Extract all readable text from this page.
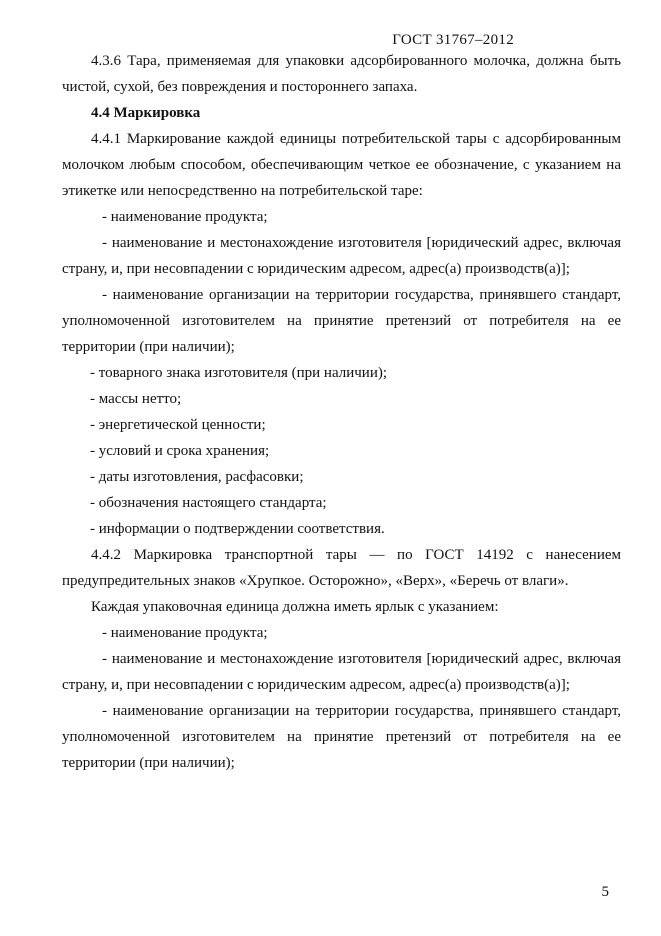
ГОСТ 31767–2012

4.3.6 Тара, применяемая для упаковки адсорбированного молочка, должна быть чистой, сухой, без повреждения и постороннего запаха.

4.4 Маркировка

4.4.1 Маркирование каждой единицы потребительской тары с адсорбированным молочком любым способом, обеспечивающим четкое ее обозначение, с указанием на этикетке или непосредственно на потребительской таре:

- наименование продукта;

- наименование и местонахождение изготовителя [юридический адрес, включая страну, и, при несовпадении с юридическим адресом, адрес(а) производств(а)];

- наименование организации на территории государства, принявшего стандарт, уполномоченной изготовителем на принятие претензий от потребителя на ее территории (при наличии);

- товарного знака изготовителя (при наличии);

- массы нетто;

- энергетической ценности;

- условий и срока хранения;

- даты изготовления, расфасовки;

- обозначения настоящего стандарта;

- информации о подтверждении соответствия.

4.4.2 Маркировка транспортной тары — по ГОСТ 14192 с нанесением предупредительных знаков «Хрупкое. Осторожно», «Верх», «Беречь от влаги».

Каждая упаковочная единица должна иметь ярлык с указанием:

- наименование продукта;

- наименование и местонахождение изготовителя [юридический адрес, включая страну, и, при несовпадении с юридическим адресом, адрес(а) производств(а)];

- наименование организации на территории государства, принявшего стандарт, уполномоченной изготовителем на принятие претензий от потребителя на ее территории (при наличии);

5
